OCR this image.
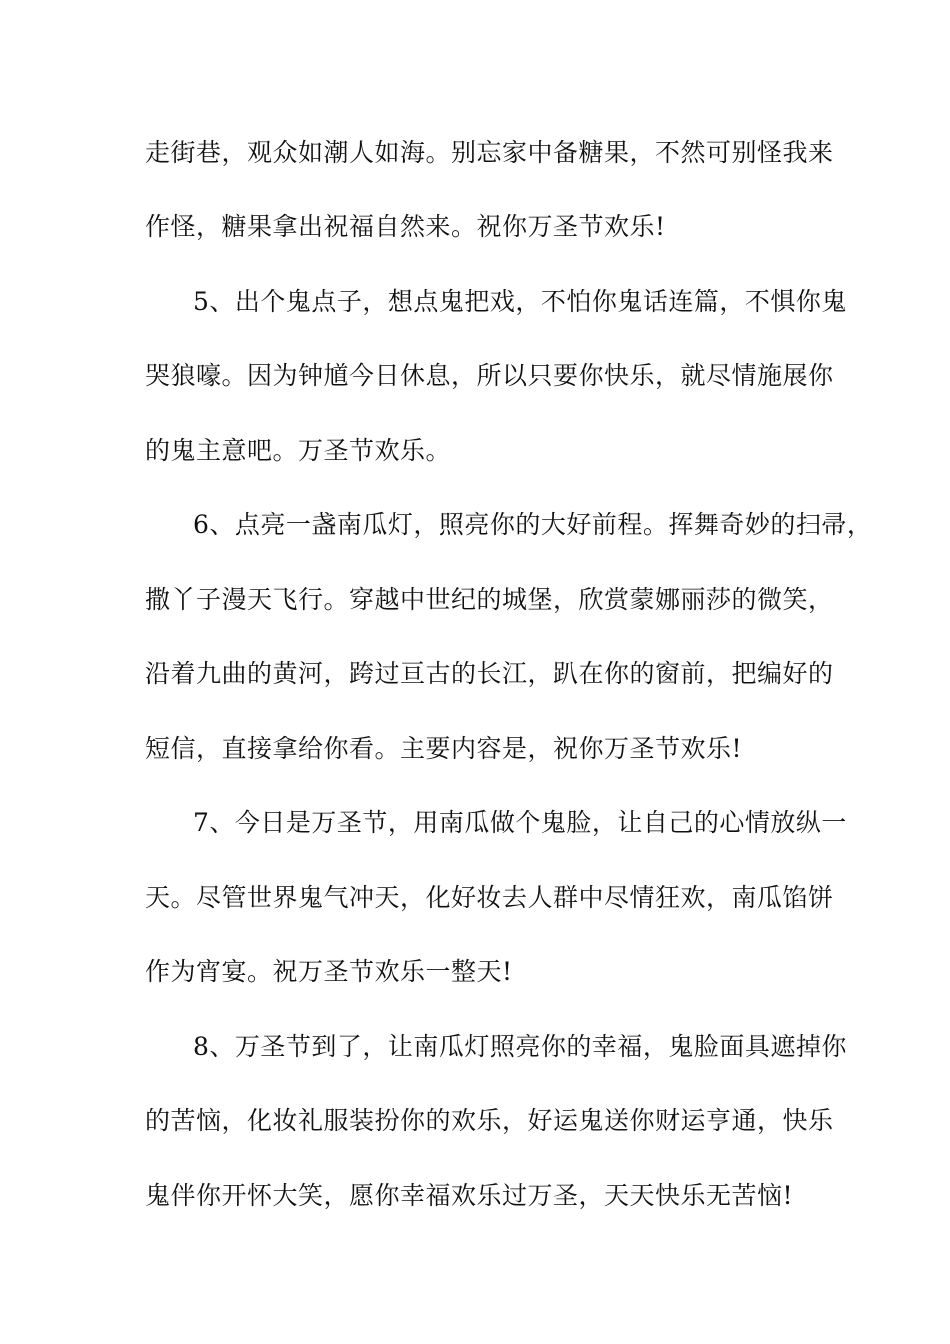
走街巷，观众如潮人如海。别忘家中备糖果，不然可别怪我来
作怪，糖果拿出祝福自然来。祝你万圣节欢乐!
5、出个鬼点子，想点鬼把戏，不怕你鬼话连篇，不惧你鬼
哭狼嚎。因为钟馗今日休息，所以只要你快乐，就尽情施展你
的鬼主意吧。万圣节欢乐。
6、点亮一盏南瓜灯，照亮你的大好前程。挥舞奇妙的扫帚，
撒丫子漫天飞行。穿越中世纪的城堡，欣赏蒙娜丽莎的微笑，
沿着九曲的黄河，跨过亘古的长江，趴在你的窗前，把编好的
短信，直接拿给你看。主要内容是，祝你万圣节欢乐!
7、今日是万圣节，用南瓜做个鬼脸，让自己的心情放纵一
天。尽管世界鬼气冲天，化好妆去人群中尽情狂欢，南瓜馅饼
作为宵宴。祝万圣节欢乐一整天!
8、万圣节到了，让南瓜灯照亮你的幸福，鬼脸面具遮掉你
的苦恼，化妆礼服装扮你的欢乐，好运鬼送你财运亨通，快乐
鬼伴你开怀大笑，愿你幸福欢乐过万圣，天天快乐无苦恼!
